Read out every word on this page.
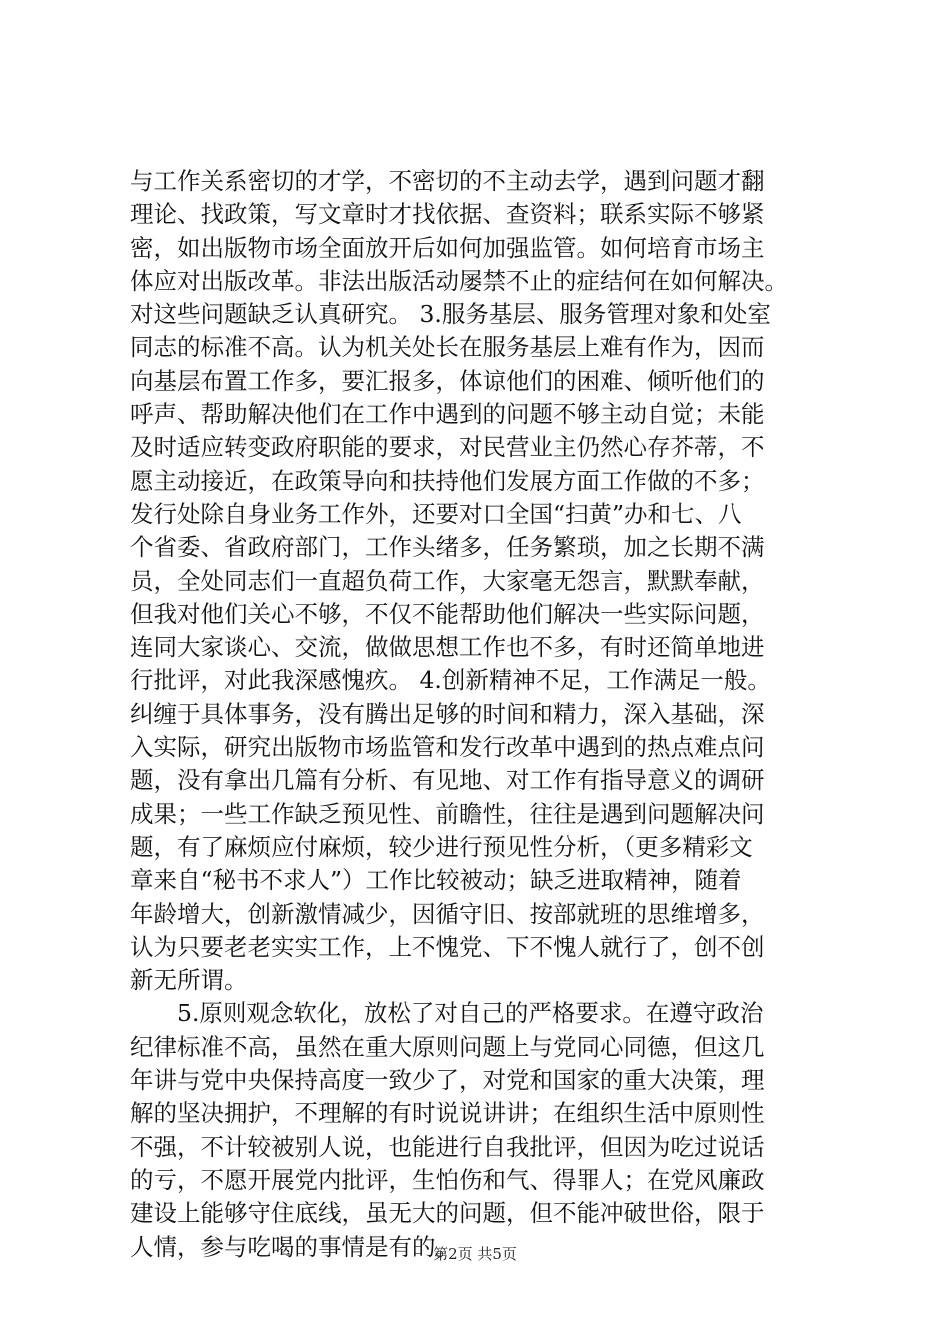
与工作关系密切的才学，不密切的不主动去学，遇到问题才翻
理论、找政策，写文章时才找依据、查资料；联系实际不够紧
密，如出版物市场全面放开后如何加强监管。如何培育市场主
体应对出版改革。非法出版活动屡禁不止的症结何在如何解决。
对这些问题缺乏认真研究。 3.服务基层、服务管理对象和处室
同志的标准不高。认为机关处长在服务基层上难有作为，因而
向基层布置工作多，要汇报多，体谅他们的困难、倾听他们的
呼声、帮助解决他们在工作中遇到的问题不够主动自觉；未能
及时适应转变政府职能的要求，对民营业主仍然心存芥蒂，不
愿主动接近，在政策导向和扶持他们发展方面工作做的不多；
发行处除自身业务工作外，还要对口全国“扫黄”办和七、八
个省委、省政府部门，工作头绪多，任务繁琐，加之长期不满
员，全处同志们一直超负荷工作，大家毫无怨言，默默奉献，
但我对他们关心不够，不仅不能帮助他们解决一些实际问题，
连同大家谈心、交流，做做思想工作也不多，有时还简单地进
行批评，对此我深感愧疚。 4.创新精神不足，工作满足一般。
纠缠于具体事务，没有腾出足够的时间和精力，深入基础，深
入实际，研究出版物市场监管和发行改革中遇到的热点难点问
题，没有拿出几篇有分析、有见地、对工作有指导意义的调研
成果；一些工作缺乏预见性、前瞻性，往往是遇到问题解决问
题，有了麻烦应付麻烦，较少进行预见性分析，（更多精彩文
章来自“秘书不求人”）工作比较被动；缺乏进取精神，随着
年龄增大，创新激情减少，因循守旧、按部就班的思维增多，
认为只要老老实实工作，上不愧党、下不愧人就行了，创不创
新无所谓。
5.原则观念软化，放松了对自己的严格要求。在遵守政治
纪律标准不高，虽然在重大原则问题上与党同心同德，但这几
年讲与党中央保持高度一致少了，对党和国家的重大决策，理
解的坚决拥护，不理解的有时说说讲讲；在组织生活中原则性
不强，不计较被别人说，也能进行自我批评，但因为吃过说话
的亏，不愿开展党内批评，生怕伤和气、得罪人；在党风廉政
建设上能够守住底线，虽无大的问题，但不能冲破世俗，限于
人情，参与吃喝的事情是有的。
第2页 共5页
